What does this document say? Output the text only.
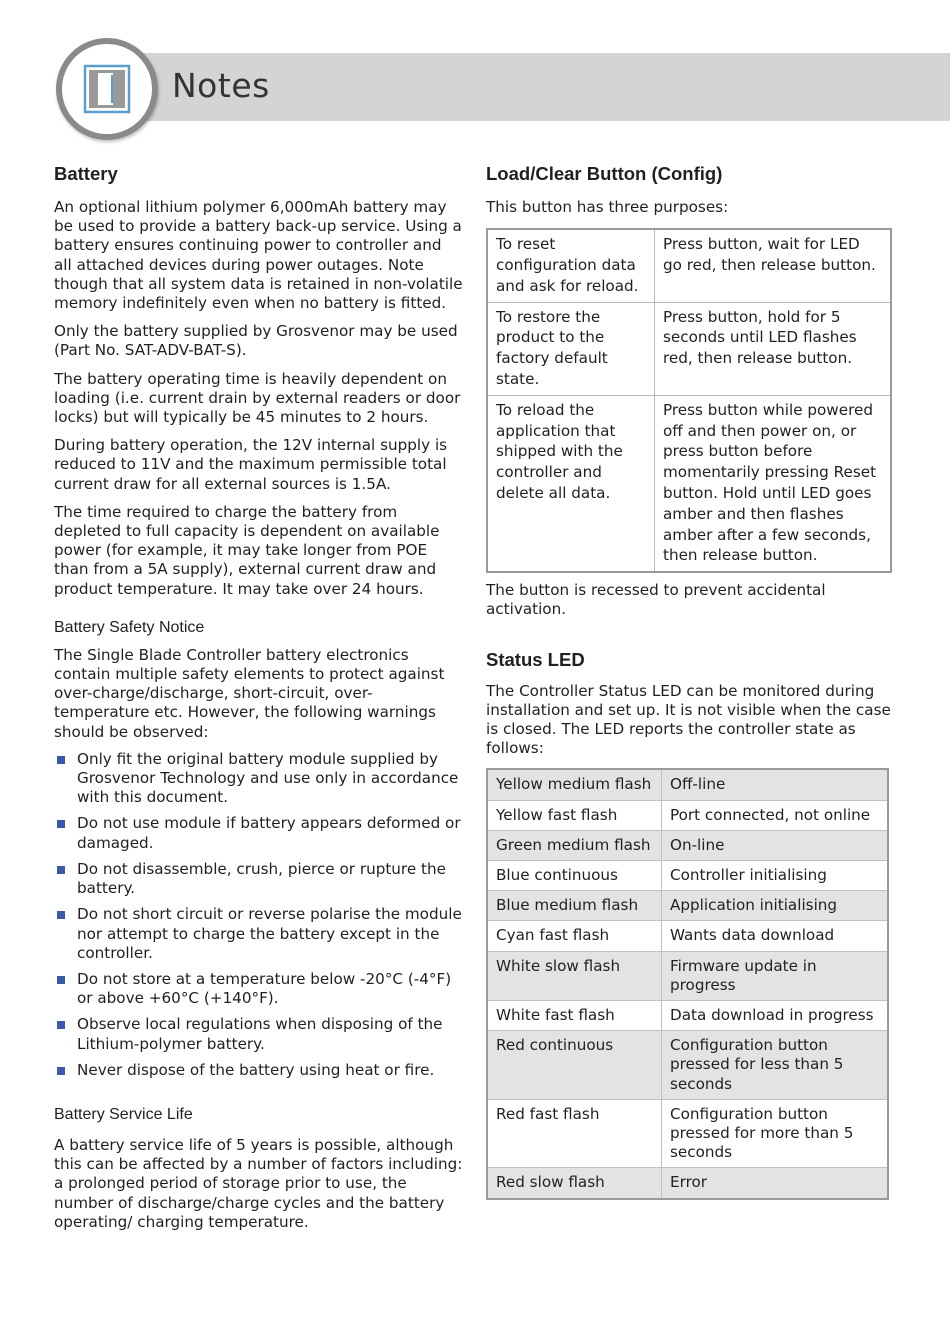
Notes
Battery

An optional lithium polymer 6,000mAh battery may be used to provide a battery back-up service. Using a battery ensures continuing power to controller and all attached devices during power outages. Note though that all system data is retained in non-volatile memory indefinitely even when no battery is fitted.

Only the battery supplied by Grosvenor may be used (Part No. SAT-ADV-BAT-S).

The battery operating time is heavily dependent on loading (i.e. current drain by external readers or door locks) but will typically be 45 minutes to 2 hours.

During battery operation, the 12V internal supply is reduced to 11V and the maximum permissible total current draw for all external sources is 1.5A.

The time required to charge the battery from depleted to full capacity is dependent on available power (for example, it may take longer from POE than from a 5A supply), external current draw and product temperature. It may take over 24 hours.

Battery Safety Notice

The Single Blade Controller battery electronics contain multiple safety elements to protect against over-charge/discharge, short-circuit, over-temperature etc. However, the following warnings should be observed:

Only fit the original battery module supplied by Grosvenor Technology and use only in accordance with this document.
Do not use module if battery appears deformed or damaged.
Do not disassemble, crush, pierce or rupture the battery.
Do not short circuit or reverse polarise the module nor attempt to charge the battery except in the controller.
Do not store at a temperature below -20°C (-4°F) or above +60°C (+140°F).
Observe local regulations when disposing of the Lithium-polymer battery.
Never dispose of the battery using heat or fire.
Battery Service Life

A battery service life of 5 years is possible, although this can be affected by a number of factors including: a prolonged period of storage prior to use, the number of discharge/charge cycles and the battery operating/ charging temperature.

Load/Clear Button (Config)

This button has three purposes:

To reset configuration data and ask for reload.	Press button, wait for LED go red, then release button.
To restore the product to the factory default state.	Press button, hold for 5 seconds until LED flashes red, then release button.
To reload the application that shipped with the controller and delete all data.	Press button while powered off and then power on, or press button before momentarily pressing Reset button. Hold until LED goes amber and then flashes amber after a few seconds, then release button.

The button is recessed to prevent accidental activation.

Status LED

The Controller Status LED can be monitored during installation and set up. It is not visible when the case is closed. The LED reports the controller state as follows:

Yellow medium flash	Off-line
Yellow fast flash	Port connected, not online
Green medium flash	On-line
Blue continuous	Controller initialising
Blue medium flash	Application initialising
Cyan fast flash	Wants data download
White slow flash	Firmware update in progress
White fast flash	Data download in progress
Red continuous	Configuration button pressed for less than 5 seconds
Red fast flash	Configuration button pressed for more than 5 seconds
Red slow flash	Error
